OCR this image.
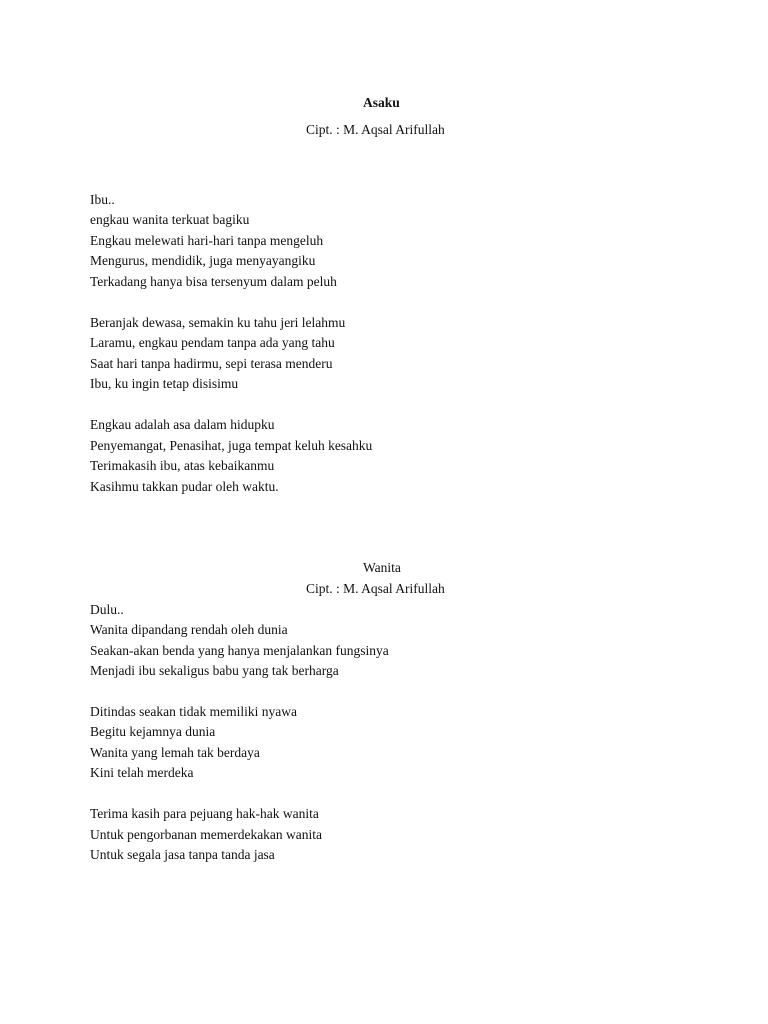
Asaku
Cipt. : M. Aqsal Arifullah
Ibu..
engkau wanita terkuat bagiku
Engkau melewati hari-hari tanpa mengeluh
Mengurus, mendidik, juga menyayangiku
Terkadang hanya bisa tersenyum dalam peluh
Beranjak dewasa, semakin ku tahu jeri lelahmu
Laramu, engkau pendam tanpa ada yang tahu
Saat hari tanpa hadirmu, sepi terasa menderu
Ibu, ku ingin tetap disisimu
Engkau adalah asa dalam hidupku
Penyemangat, Penasihat, juga tempat keluh kesahku
Terimakasih ibu, atas kebaikanmu
Kasihmu takkan pudar oleh waktu.
Wanita
Cipt. : M. Aqsal Arifullah
Dulu..
Wanita dipandang rendah oleh dunia
Seakan-akan benda yang hanya menjalankan fungsinya
Menjadi ibu sekaligus babu yang tak berharga
Ditindas seakan tidak memiliki nyawa
Begitu kejamnya dunia
Wanita yang lemah tak berdaya
Kini telah merdeka
Terima kasih para pejuang hak-hak wanita
Untuk pengorbanan memerdekakan wanita
Untuk segala jasa tanpa tanda jasa
